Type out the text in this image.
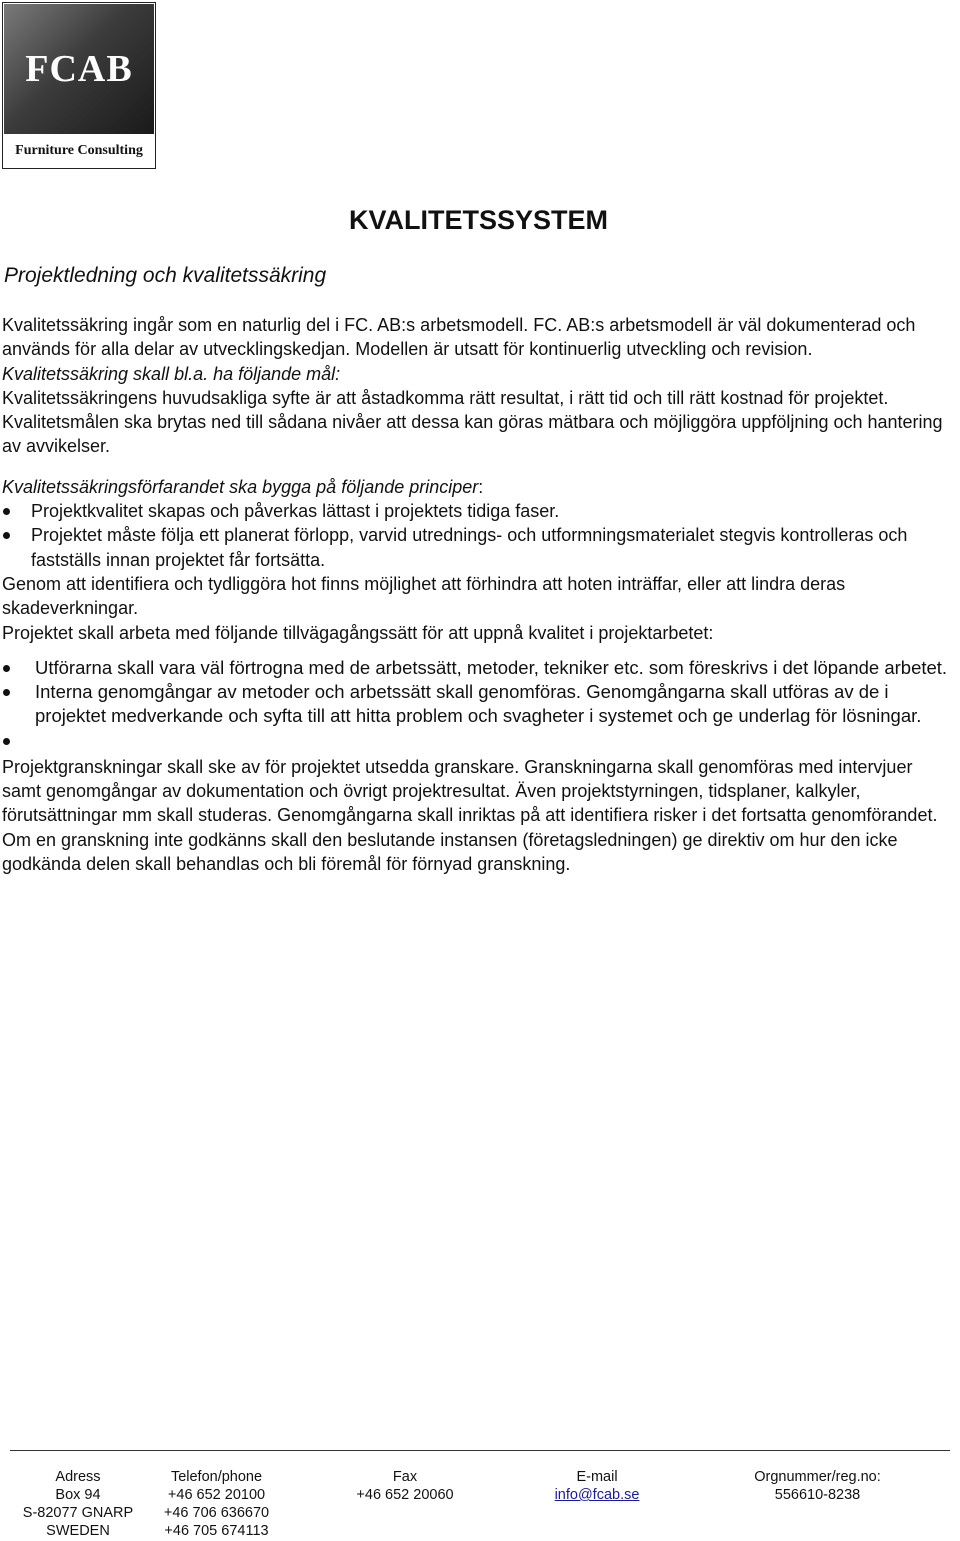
FCAB
Furniture Consulting
KVALITETSSYSTEM
Projektledning och kvalitetssäkring

Kvalitetssäkring ingår som en naturlig del i FC. AB:s arbetsmodell. FC. AB:s arbetsmodell är väl dokumenterad och används för alla delar av utvecklingskedjan. Modellen är utsatt för kontinuerlig utveckling och revision.

Kvalitetssäkring skall bl.a. ha följande mål:

Kvalitetssäkringens huvudsakliga syfte är att åstadkomma rätt resultat, i rätt tid och till rätt kostnad för projektet.

Kvalitetsmålen ska brytas ned till sådana nivåer att dessa kan göras mätbara och möjliggöra uppföljning och hantering av avvikelser.

Kvalitetssäkringsförfarandet ska bygga på följande principer:

Projektkvalitet skapas och påverkas lättast i projektets tidiga faser.
Projektet måste följa ett planerat förlopp, varvid utrednings- och utformningsmaterialet stegvis kontrolleras och fastställs innan projektet får fortsätta.

Genom att identifiera och tydliggöra hot finns möjlighet att förhindra att hoten inträffar, eller att lindra deras skadeverkningar.

Projektet skall arbeta med följande tillvägagångssätt för att uppnå kvalitet i projektarbetet:

Utförarna skall vara väl förtrogna med de arbetssätt, metoder, tekniker etc. som föreskrivs i det löpande arbetet.
Interna genomgångar av metoder och arbetssätt skall genomföras. Genomgångarna skall utföras av de i projektet medverkande och syfta till att hitta problem och svagheter i systemet och ge underlag för lösningar.

Projektgranskningar skall ske av för projektet utsedda granskare. Granskningarna skall genomföras med intervjuer samt genomgångar av dokumentation och övrigt projektresultat. Även projektstyrningen, tidsplaner, kalkyler, förutsättningar mm skall studeras. Genomgångarna skall inriktas på att identifiera risker i det fortsatta genomförandet.

Om en granskning inte godkänns skall den beslutande instansen (företagsledningen) ge direktiv om hur den icke godkända delen skall behandlas och bli föremål för förnyad granskning.

Adress
Box 94
S-82077 GNARP
SWEDEN
Telefon/phone
+46 652 20100
+46 706 636670
+46 705 674113
Fax
+46 652 20060
E-mail
info@fcab.se
Orgnummer/reg.no:
556610-8238
